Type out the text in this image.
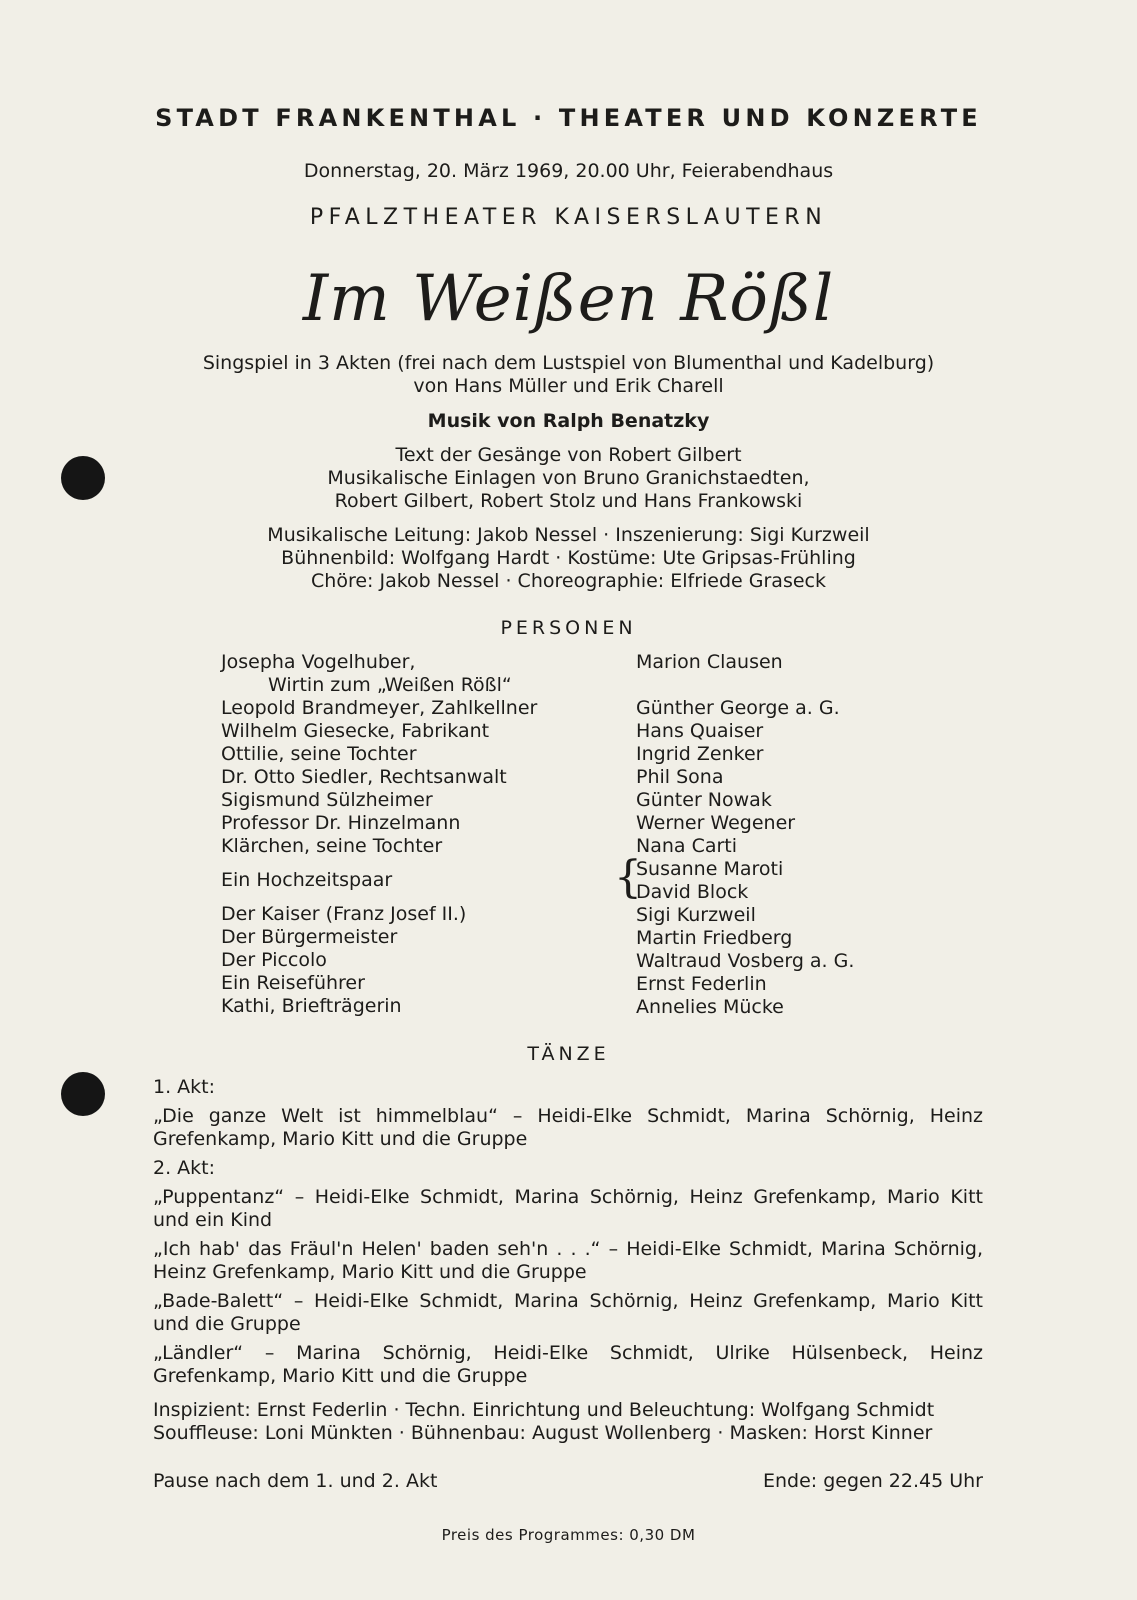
STADT FRANKENTHAL · THEATER UND KONZERTE
Donnerstag, 20. März 1969, 20.00 Uhr, Feierabendhaus
PFALZTHEATER KAISERSLAUTERN
Im Weißen Rößl
Singspiel in 3 Akten (frei nach dem Lustspiel von Blumenthal und Kadelburg)
von Hans Müller und Erik Charell
Musik von Ralph Benatzky
Text der Gesänge von Robert Gilbert
Musikalische Einlagen von Bruno Granichstaedten,
Robert Gilbert, Robert Stolz und Hans Frankowski
Musikalische Leitung: Jakob Nessel · Inszenierung: Sigi Kurzweil
Bühnenbild: Wolfgang Hardt · Kostüme: Ute Gripsas-Frühling
Chöre: Jakob Nessel · Choreographie: Elfriede Graseck
PERSONEN
Josepha Vogelhuber,
Wirtin zum „Weißen Rößl“
Leopold Brandmeyer, Zahlkellner
Wilhelm Giesecke, Fabrikant
Ottilie, seine Tochter
Dr. Otto Siedler, Rechtsanwalt
Sigismund Sülzheimer
Professor Dr. Hinzelmann
Klärchen, seine Tochter
Ein Hochzeitspaar
Der Kaiser (Franz Josef II.)
Der Bürgermeister
Der Piccolo
Ein Reiseführer
Kathi, Briefträgerin
{
Marion Clausen

Günther George a. G.
Hans Quaiser
Ingrid Zenker
Phil Sona
Günter Nowak
Werner Wegener
Nana Carti
Susanne Maroti
David Block
Sigi Kurzweil
Martin Friedberg
Waltraud Vosberg a. G.
Ernst Federlin
Annelies Mücke
TÄNZE
1. Akt:
„Die ganze Welt ist himmelblau“ – Heidi-Elke Schmidt, Marina Schörnig, Heinz Grefenkamp, Mario Kitt und die Gruppe
2. Akt:
„Puppentanz“ – Heidi-Elke Schmidt, Marina Schörnig, Heinz Grefenkamp, Mario Kitt und ein Kind
„Ich hab' das Fräul'n Helen' baden seh'n . . .“ – Heidi-Elke Schmidt, Marina Schörnig, Heinz Grefenkamp, Mario Kitt und die Gruppe
„Bade-Balett“ – Heidi-Elke Schmidt, Marina Schörnig, Heinz Grefenkamp, Mario Kitt und die Gruppe
„Ländler“ – Marina Schörnig, Heidi-Elke Schmidt, Ulrike Hülsenbeck, Heinz Grefenkamp, Mario Kitt und die Gruppe
Inspizient: Ernst Federlin · Techn. Einrichtung und Beleuchtung: Wolfgang Schmidt
Souffleuse: Loni Münkten · Bühnenbau: August Wollenberg · Masken: Horst Kinner
Pause nach dem 1. und 2. Akt	Ende: gegen 22.45 Uhr
Preis des Programmes: 0,30 DM
